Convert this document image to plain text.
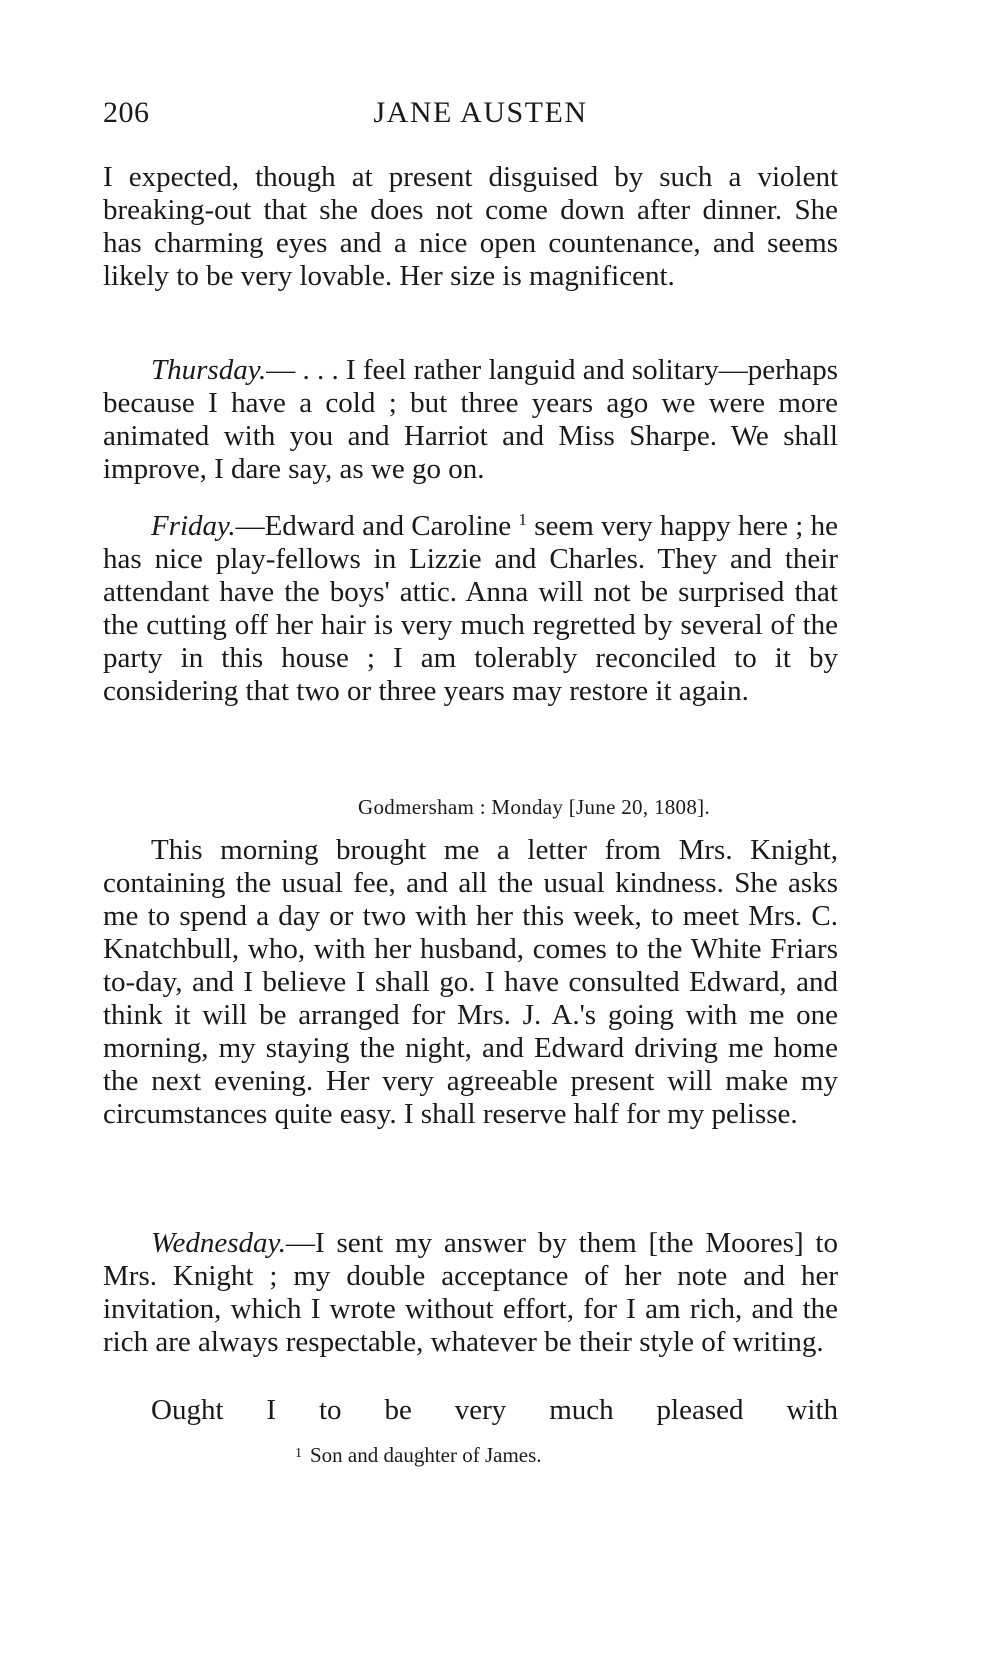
206	JANE AUSTEN

I expected, though at present disguised by such a violent breaking-out that she does not come down after dinner. She has charming eyes and a nice open countenance, and seems likely to be very lovable. Her size is magnificent.

Thursday.— . . . I feel rather languid and solitary—perhaps because I have a cold ; but three years ago we were more animated with you and Harriot and Miss Sharpe. We shall improve, I dare say, as we go on.

Friday.—Edward and Caroline $^1$ seem very happy here ; he has nice play-fellows in Lizzie and Charles. They and their attendant have the boys' attic. Anna will not be surprised that the cutting off her hair is very much regretted by several of the party in this house ; I am tolerably reconciled to it by considering that two or three years may restore it again.

Godmersham : Monday [June 20, 1808].

This morning brought me a letter from Mrs. Knight, containing the usual fee, and all the usual kindness. She asks me to spend a day or two with her this week, to meet Mrs. C. Knatchbull, who, with her husband, comes to the White Friars to-day, and I believe I shall go. I have consulted Edward, and think it will be arranged for Mrs. J. A.'s going with me one morning, my staying the night, and Edward driving me home the next evening. Her very agreeable present will make my circumstances quite easy. I shall reserve half for my pelisse.

Wednesday.—I sent my answer by them [the Moores] to Mrs. Knight ; my double acceptance of her note and her invitation, which I wrote without effort, for I am rich, and the rich are always respectable, whatever be their style of writing.

Ought I to be very much pleased with

$^1$ Son and daughter of James.
